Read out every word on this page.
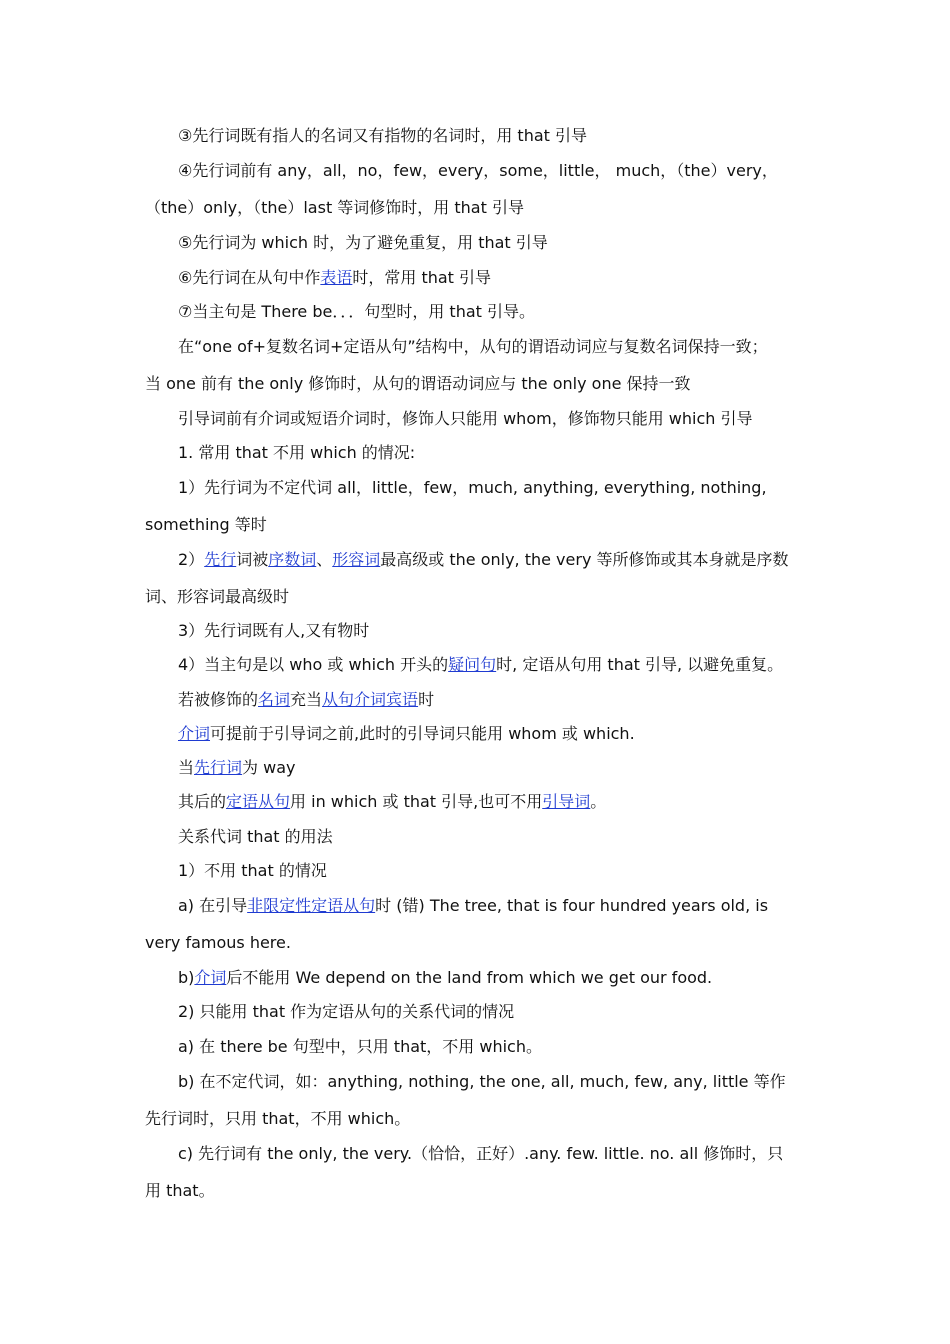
③先行词既有指人的名词又有指物的名词时，用 that 引导
④先行词前有 any，all，no，few，every，some，little， much，（the）very，
（the）only，（the）last 等词修饰时，用 that 引导
⑤先行词为 which 时，为了避免重复，用 that 引导
⑥先行词在从句中作表语时，常用 that 引导
⑦当主句是 There be．．．句型时，用 that 引导。
在“one of+复数名词+定语从句”结构中，从句的谓语动词应与复数名词保持一致；
当 one 前有 the only 修饰时，从句的谓语动词应与 the only one 保持一致
引导词前有介词或短语介词时，修饰人只能用 whom，修饰物只能用 which 引导
1. 常用 that 不用 which 的情况:
1）先行词为不定代词 all，little，few，much, anything, everything, nothing,
something 等时
2）先行词被序数词、形容词最高级或 the only, the very 等所修饰或其本身就是序数
词、形容词最高级时
3）先行词既有人,又有物时
4）当主句是以 who 或 which 开头的疑问句时, 定语从句用 that 引导, 以避免重复。
若被修饰的名词充当从句介词宾语时
介词可提前于引导词之前,此时的引导词只能用 whom 或 which.
当先行词为 way
其后的定语从句用 in which 或 that 引导,也可不用引导词。
关系代词 that 的用法
1）不用 that 的情况
a) 在引导非限定性定语从句时 (错) The tree, that is four hundred years old, is
very famous here.
b)介词后不能用 We depend on the land from which we get our food.
2) 只能用 that 作为定语从句的关系代词的情况
a) 在 there be 句型中，只用 that，不用 which。
b) 在不定代词，如：anything, nothing, the one, all, much, few, any, little 等作
先行词时，只用 that，不用 which。
c) 先行词有 the only, the very.（恰恰，正好）.any. few. little. no. all 修饰时，只
用 that。
